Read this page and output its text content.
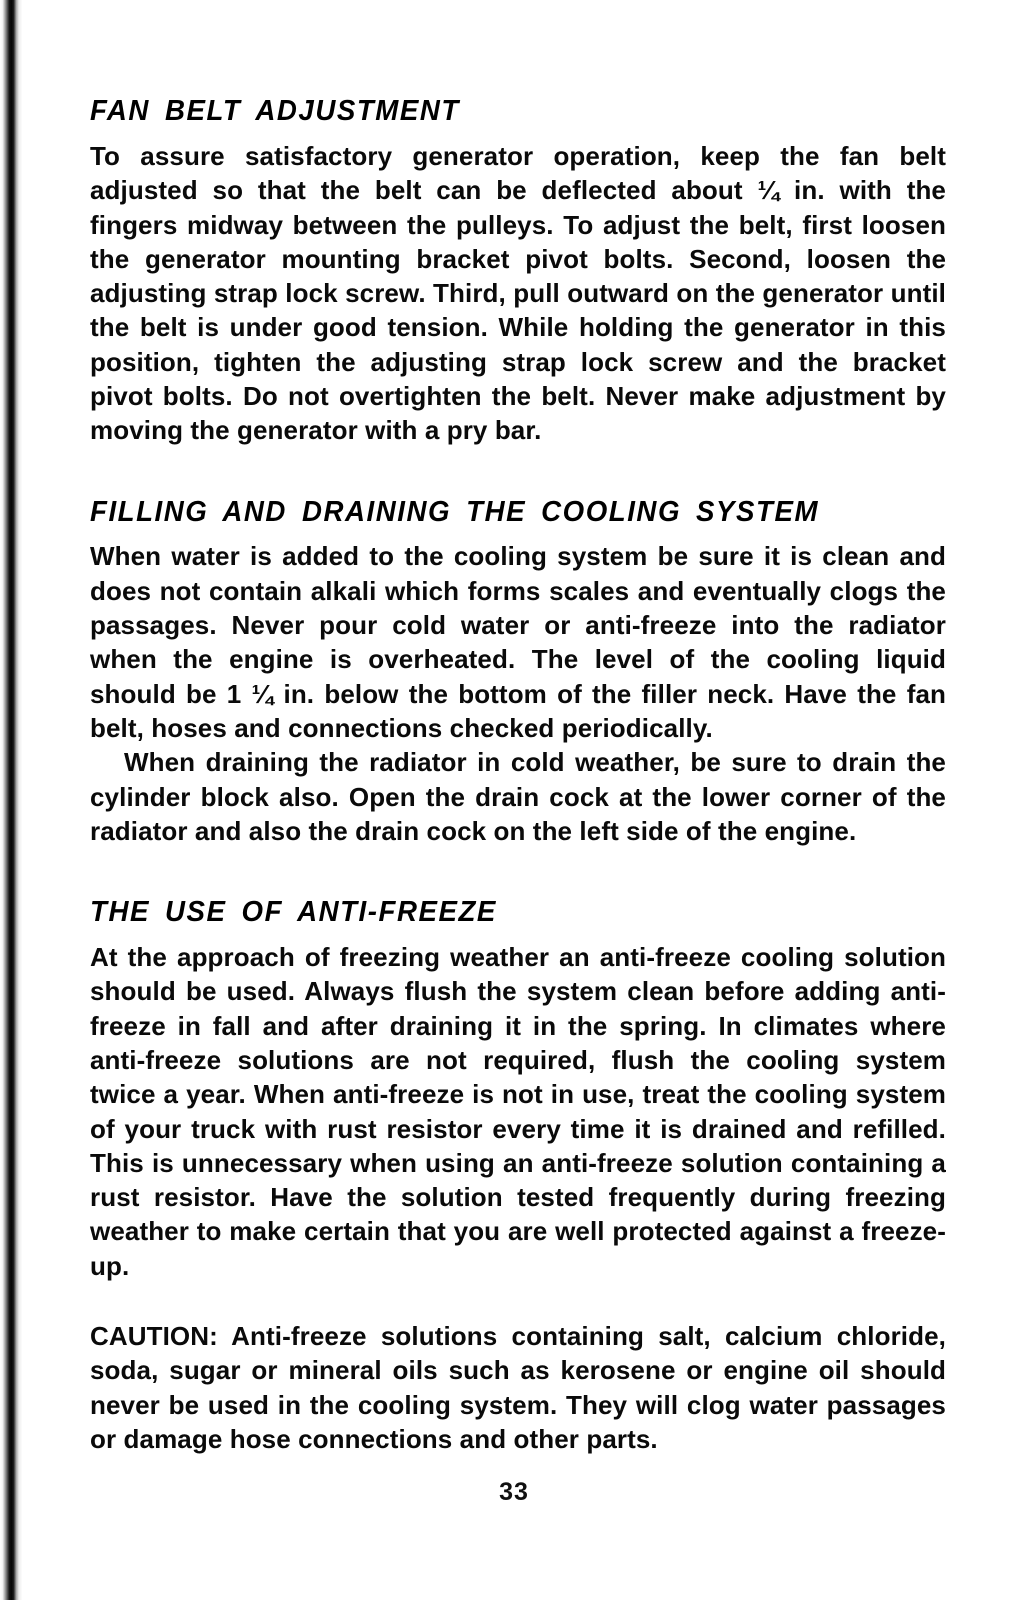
FAN BELT ADJUSTMENT

To assure satisfactory generator operation, keep the fan belt adjusted so that the belt can be deflected about ¼ in. with the fingers midway between the pulleys. To adjust the belt, first loosen the generator mounting bracket pivot bolts. Second, loosen the adjusting strap lock screw. Third, pull outward on the generator until the belt is under good tension. While holding the generator in this position, tighten the adjusting strap lock screw and the bracket pivot bolts. Do not overtighten the belt. Never make adjustment by moving the generator with a pry bar.

FILLING AND DRAINING THE COOLING SYSTEM

When water is added to the cooling system be sure it is clean and does not contain alkali which forms scales and eventually clogs the passages. Never pour cold water or anti-freeze into the radiator when the engine is overheated. The level of the cooling liquid should be 1 ¼ in. below the bottom of the filler neck. Have the fan belt, hoses and connections checked periodically.

When draining the radiator in cold weather, be sure to drain the cylinder block also. Open the drain cock at the lower corner of the radiator and also the drain cock on the left side of the engine.

THE USE OF ANTI-FREEZE

At the approach of freezing weather an anti-freeze cooling solution should be used. Always flush the system clean before adding anti-freeze in fall and after draining it in the spring. In climates where anti-freeze solutions are not required, flush the cooling system twice a year. When anti-freeze is not in use, treat the cooling system of your truck with rust resistor every time it is drained and refilled. This is unnecessary when using an anti-freeze solution containing a rust resistor. Have the solution tested frequently during freezing weather to make certain that you are well protected against a freeze-up.

CAUTION: Anti-freeze solutions containing salt, calcium chloride, soda, sugar or mineral oils such as kerosene or engine oil should never be used in the cooling system. They will clog water passages or damage hose connections and other parts.

33
